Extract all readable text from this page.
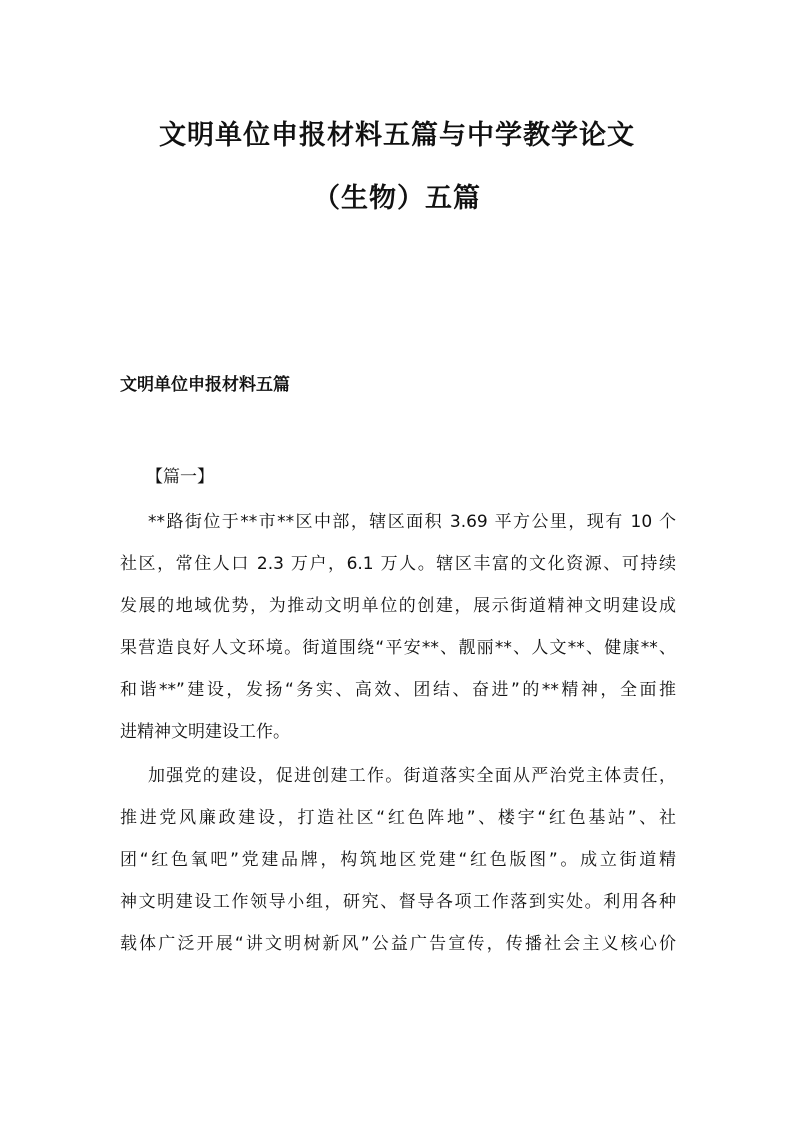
文明单位申报材料五篇与中学教学论文
（生物）五篇
文明单位申报材料五篇
【篇一】
**路街位于**市**区中部，辖区面积 3.69 平方公里，现有 10 个
社区，常住人口 2.3 万户，6.1 万人。辖区丰富的文化资源、可持续
发展的地域优势，为推动文明单位的创建，展示街道精神文明建设成
果营造良好人文环境。街道围绕“平安**、靓丽**、人文**、健康**、
和谐**”建设，发扬“务实、高效、团结、奋进”的**精神，全面推
进精神文明建设工作。
加强党的建设，促进创建工作。街道落实全面从严治党主体责任，
推进党风廉政建设，打造社区“红色阵地”、楼宇“红色基站”、社
团“红色氧吧”党建品牌，构筑地区党建“红色版图”。成立街道精
神文明建设工作领导小组，研究、督导各项工作落到实处。利用各种
载体广泛开展“讲文明树新风”公益广告宣传，传播社会主义核心价
